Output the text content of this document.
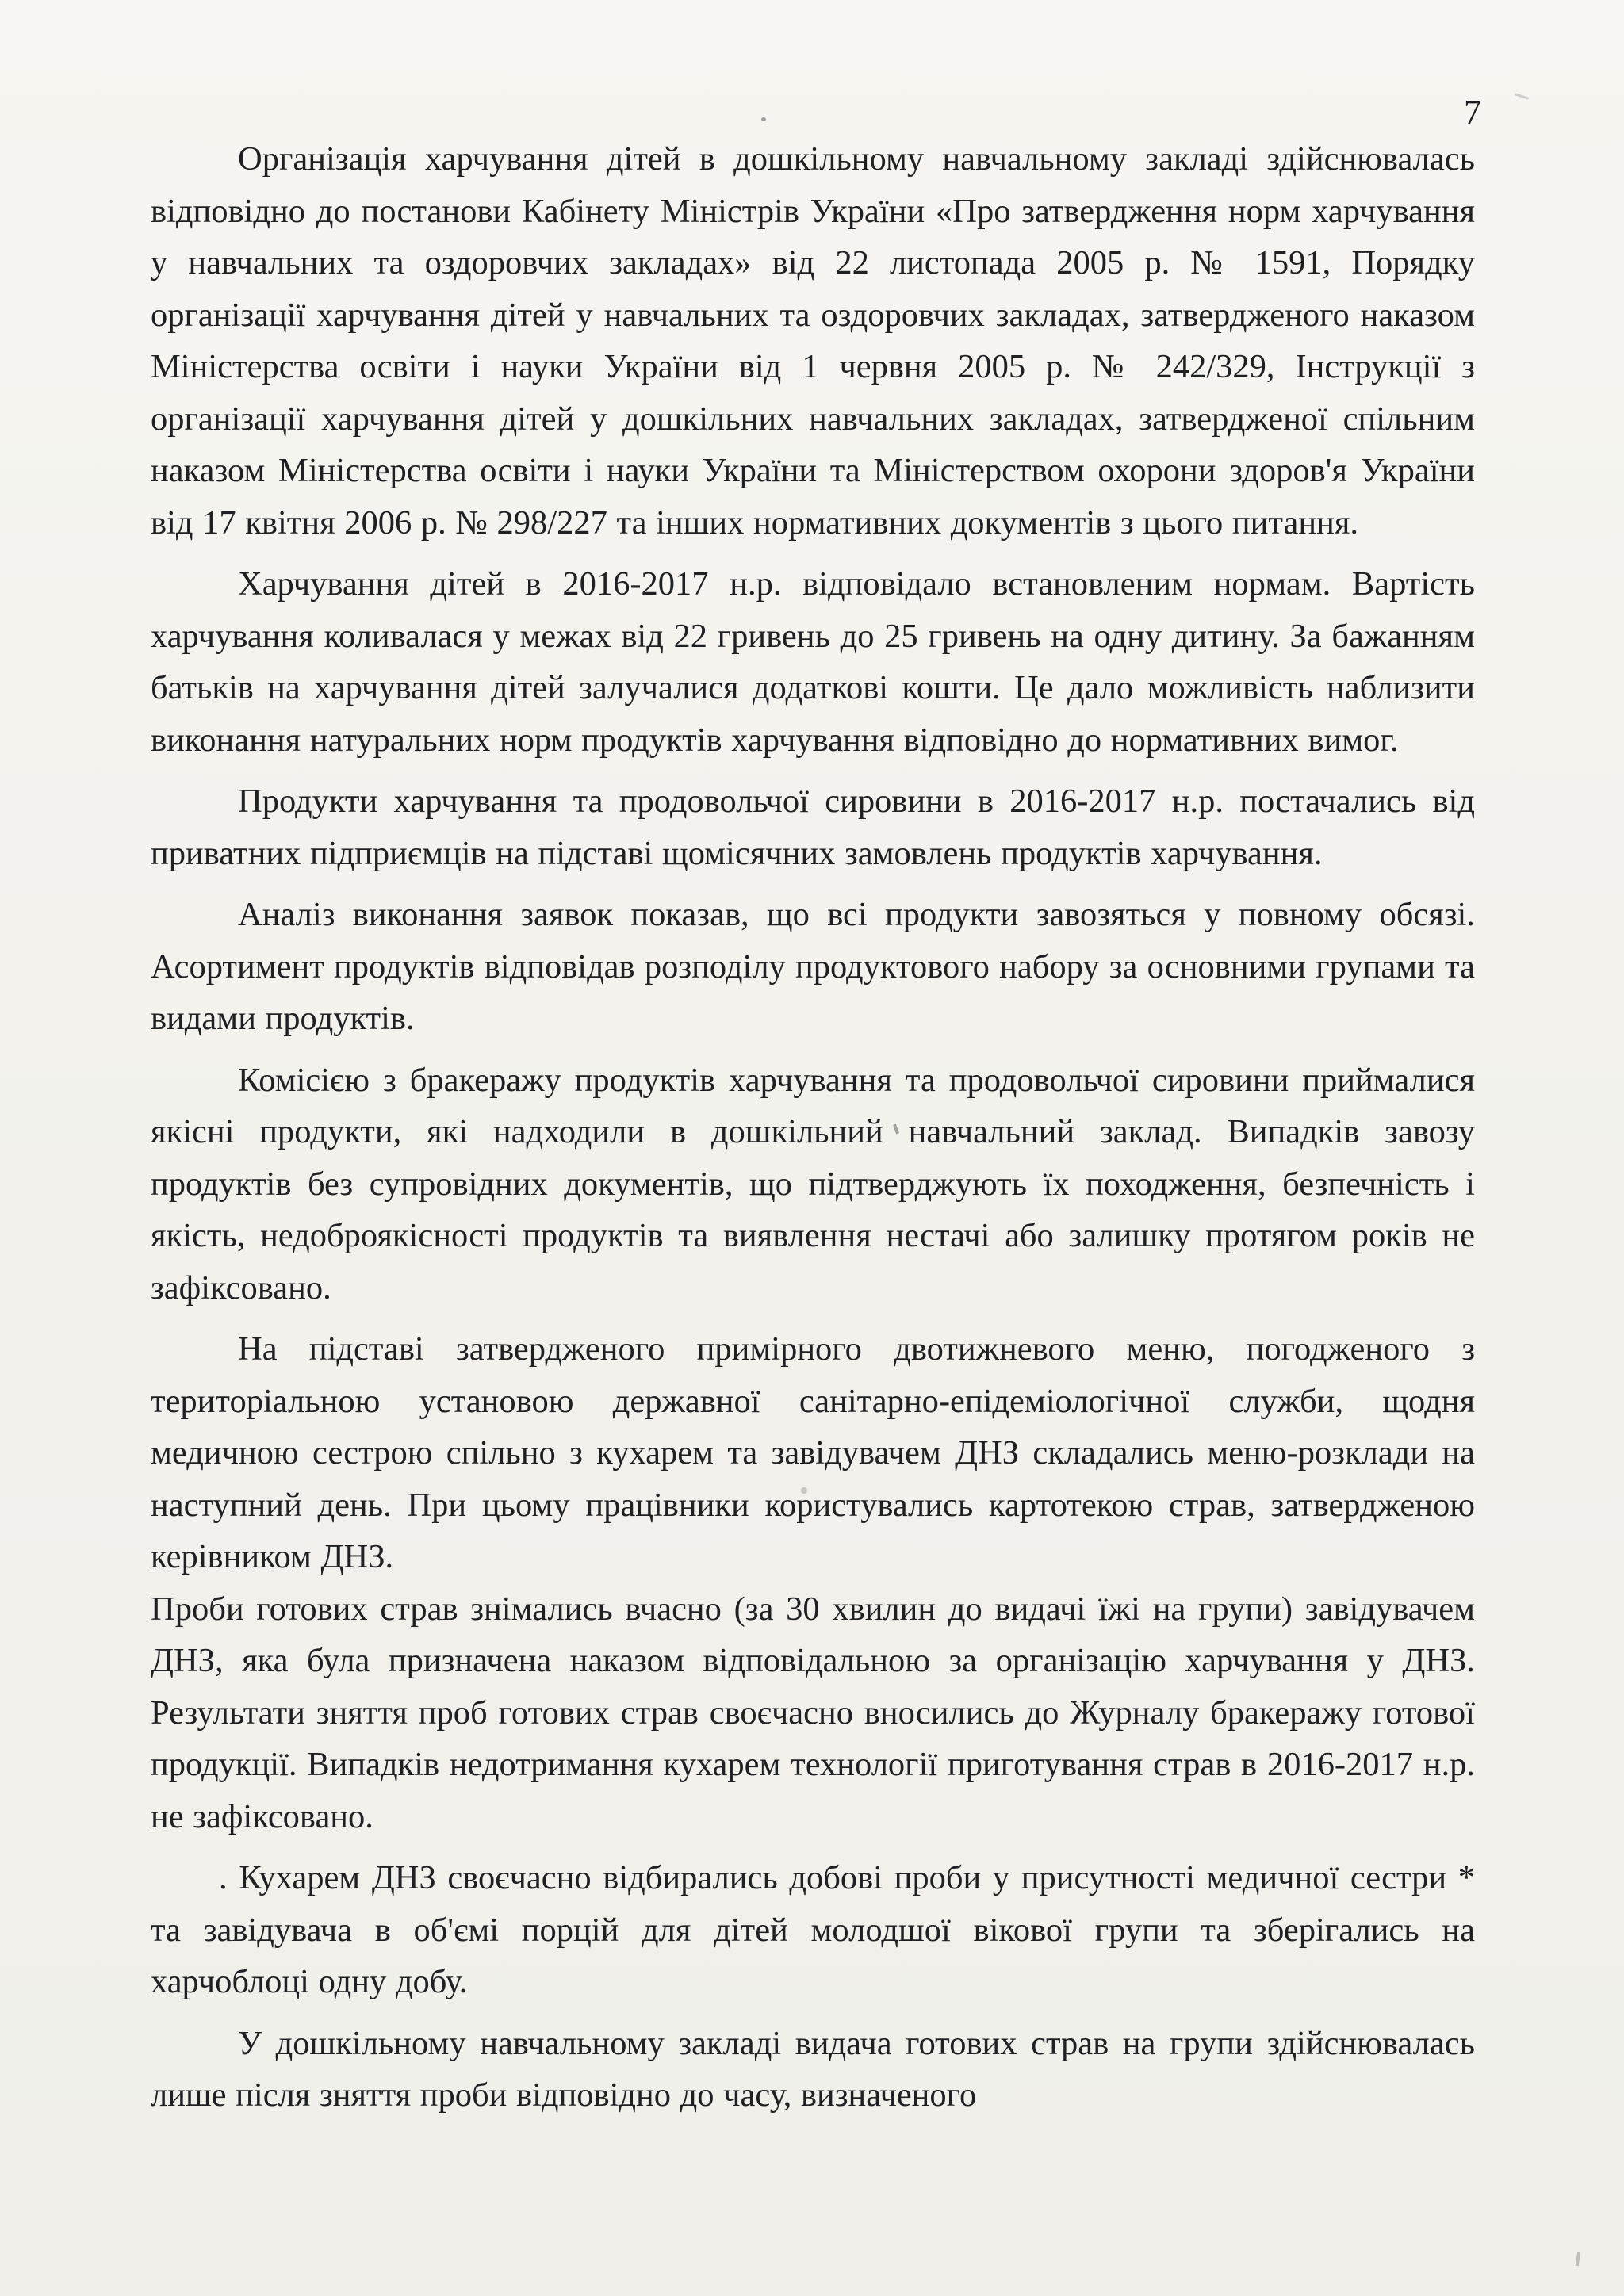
7

Організація харчування дітей в дошкільному навчальному закладі здійснювалась відповідно до постанови Кабінету Міністрів України «Про затвердження норм харчування у навчальних та оздоровчих закладах» від 22 листопада 2005 р. № 1591, Порядку організації харчування дітей у навчальних та оздоровчих закладах, затвердженого наказом Міністерства освіти і науки України від 1 червня 2005 р. № 242/329, Інструкції з організації харчування дітей у дошкільних навчальних закладах, затвердженої спільним наказом Міністерства освіти і науки України та Міністерством охорони здоров'я України від 17 квітня 2006 р. № 298/227 та інших нормативних документів з цього питання.

Харчування дітей в 2016-2017 н.р. відповідало встановленим нормам. Вартість харчування коливалася у межах від 22 гривень до 25 гривень на одну дитину. За бажанням батьків на харчування дітей залучалися додаткові кошти. Це дало можливість наблизити виконання натуральних норм продуктів харчування відповідно до нормативних вимог.

Продукти харчування та продовольчої сировини в 2016-2017 н.р. постачались від приватних підприємців на підставі щомісячних замовлень продуктів харчування.

Аналіз виконання заявок показав, що всі продукти завозяться у повному обсязі. Асортимент продуктів відповідав розподілу продуктового набору за основними групами та видами продуктів.

Комісією з бракеражу продуктів харчування та продовольчої сировини приймалися якісні продукти, які надходили в дошкільний навчальний заклад. Випадків завозу продуктів без супровідних документів, що підтверджують їх походження, безпечність і якість, недоброякісності продуктів та виявлення нестачі або залишку протягом років не зафіксовано.

На підставі затвердженого примірного двотижневого меню, погодженого з територіальною установою державної санітарно-епідеміологічної служби, щодня медичною сестрою спільно з кухарем та завідувачем ДНЗ складались меню-розклади на наступний день. При цьому працівники користувались картотекою страв, затвердженою керівником ДНЗ.

Проби готових страв знімались вчасно (за 30 хвилин до видачі їжі на групи) завідувачем ДНЗ, яка була призначена наказом відповідальною за організацію харчування у ДНЗ. Результати зняття проб готових страв своєчасно вносились до Журналу бракеражу готової продукції. Випадків недотримання кухарем технології приготування страв в 2016-2017 н.р. не зафіксовано.

. Кухарем ДНЗ своєчасно відбирались добові проби у присутності медичної сестри * та завідувача в об'ємі порцій для дітей молодшої вікової групи та зберігались на харчоблоці одну добу.

У дошкільному навчальному закладі видача готових страв на групи здійснювалась лише після зняття проби відповідно до часу, визначеного
